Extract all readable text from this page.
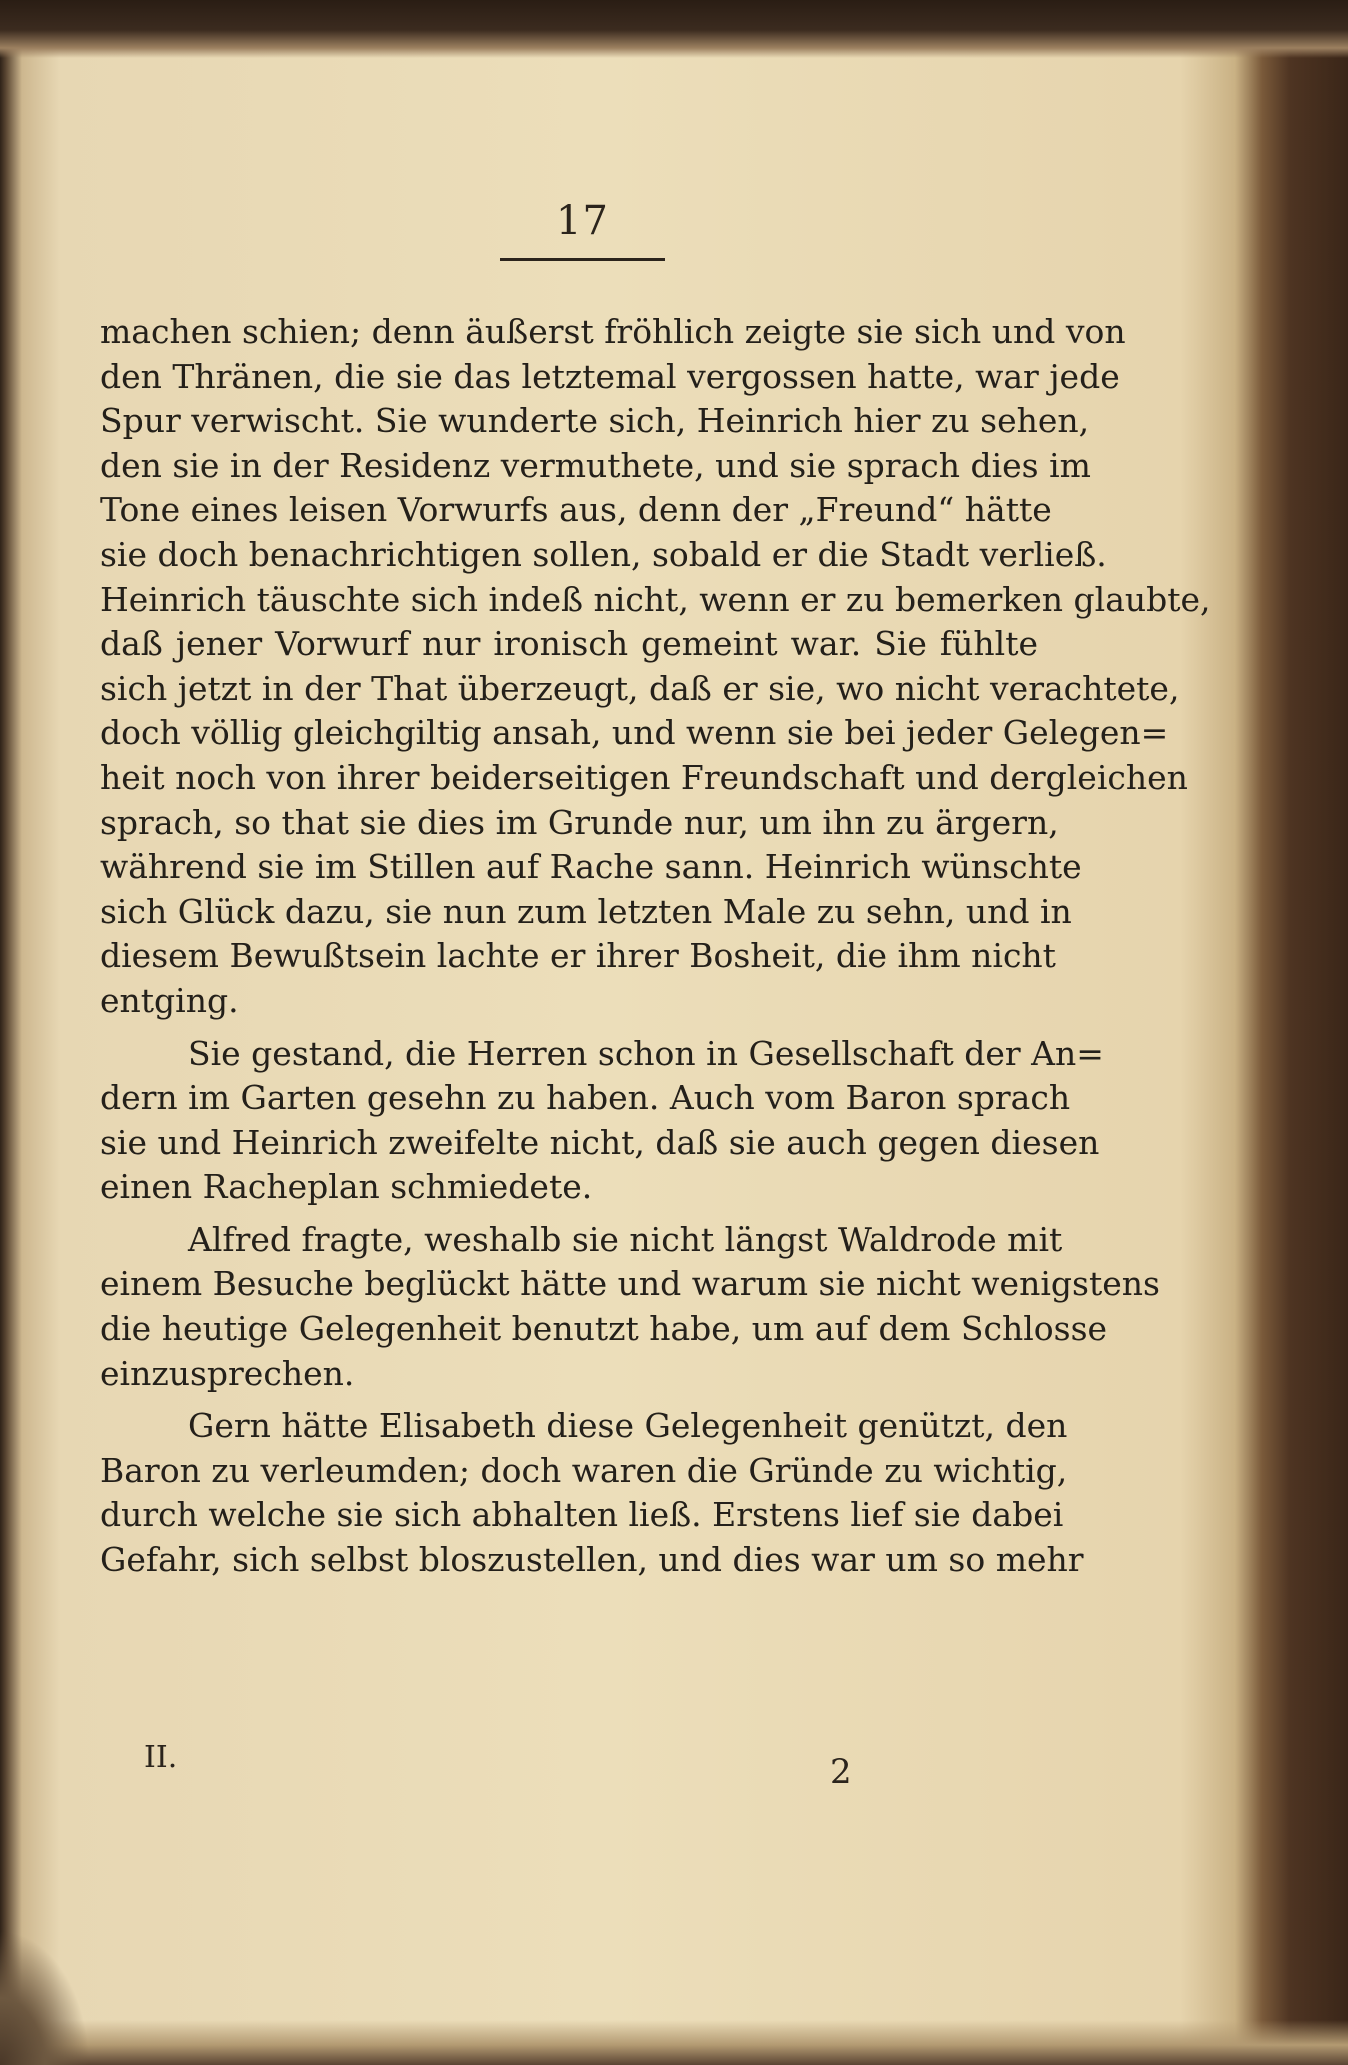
17
machen schien; denn äußerst fröhlich zeigte sie sich und von
den Thränen, die sie das letztemal vergossen hatte, war jede
Spur verwischt. Sie wunderte sich, Heinrich hier zu sehen,
den sie in der Residenz vermuthete, und sie sprach dies im
Tone eines leisen Vorwurfs aus, denn der „Freund“ hätte
sie doch benachrichtigen sollen, sobald er die Stadt verließ.
Heinrich täuschte sich indeß nicht, wenn er zu bemerken glaubte,
daß jener Vorwurf nur ironisch gemeint war. Sie fühlte
sich jetzt in der That überzeugt, daß er sie, wo nicht verachtete,
doch völlig gleichgiltig ansah, und wenn sie bei jeder Gelegen=
heit noch von ihrer beiderseitigen Freundschaft und dergleichen
sprach, so that sie dies im Grunde nur, um ihn zu ärgern,
während sie im Stillen auf Rache sann. Heinrich wünschte
sich Glück dazu, sie nun zum letzten Male zu sehn, und in
diesem Bewußtsein lachte er ihrer Bosheit, die ihm nicht
entging.
Sie gestand, die Herren schon in Gesellschaft der An=
dern im Garten gesehn zu haben. Auch vom Baron sprach
sie und Heinrich zweifelte nicht, daß sie auch gegen diesen
einen Racheplan schmiedete.
Alfred fragte, weshalb sie nicht längst Waldrode mit
einem Besuche beglückt hätte und warum sie nicht wenigstens
die heutige Gelegenheit benutzt habe, um auf dem Schlosse
einzusprechen.
Gern hätte Elisabeth diese Gelegenheit genützt, den
Baron zu verleumden; doch waren die Gründe zu wichtig,
durch welche sie sich abhalten ließ. Erstens lief sie dabei
Gefahr, sich selbst bloszustellen, und dies war um so mehr
II.	2
